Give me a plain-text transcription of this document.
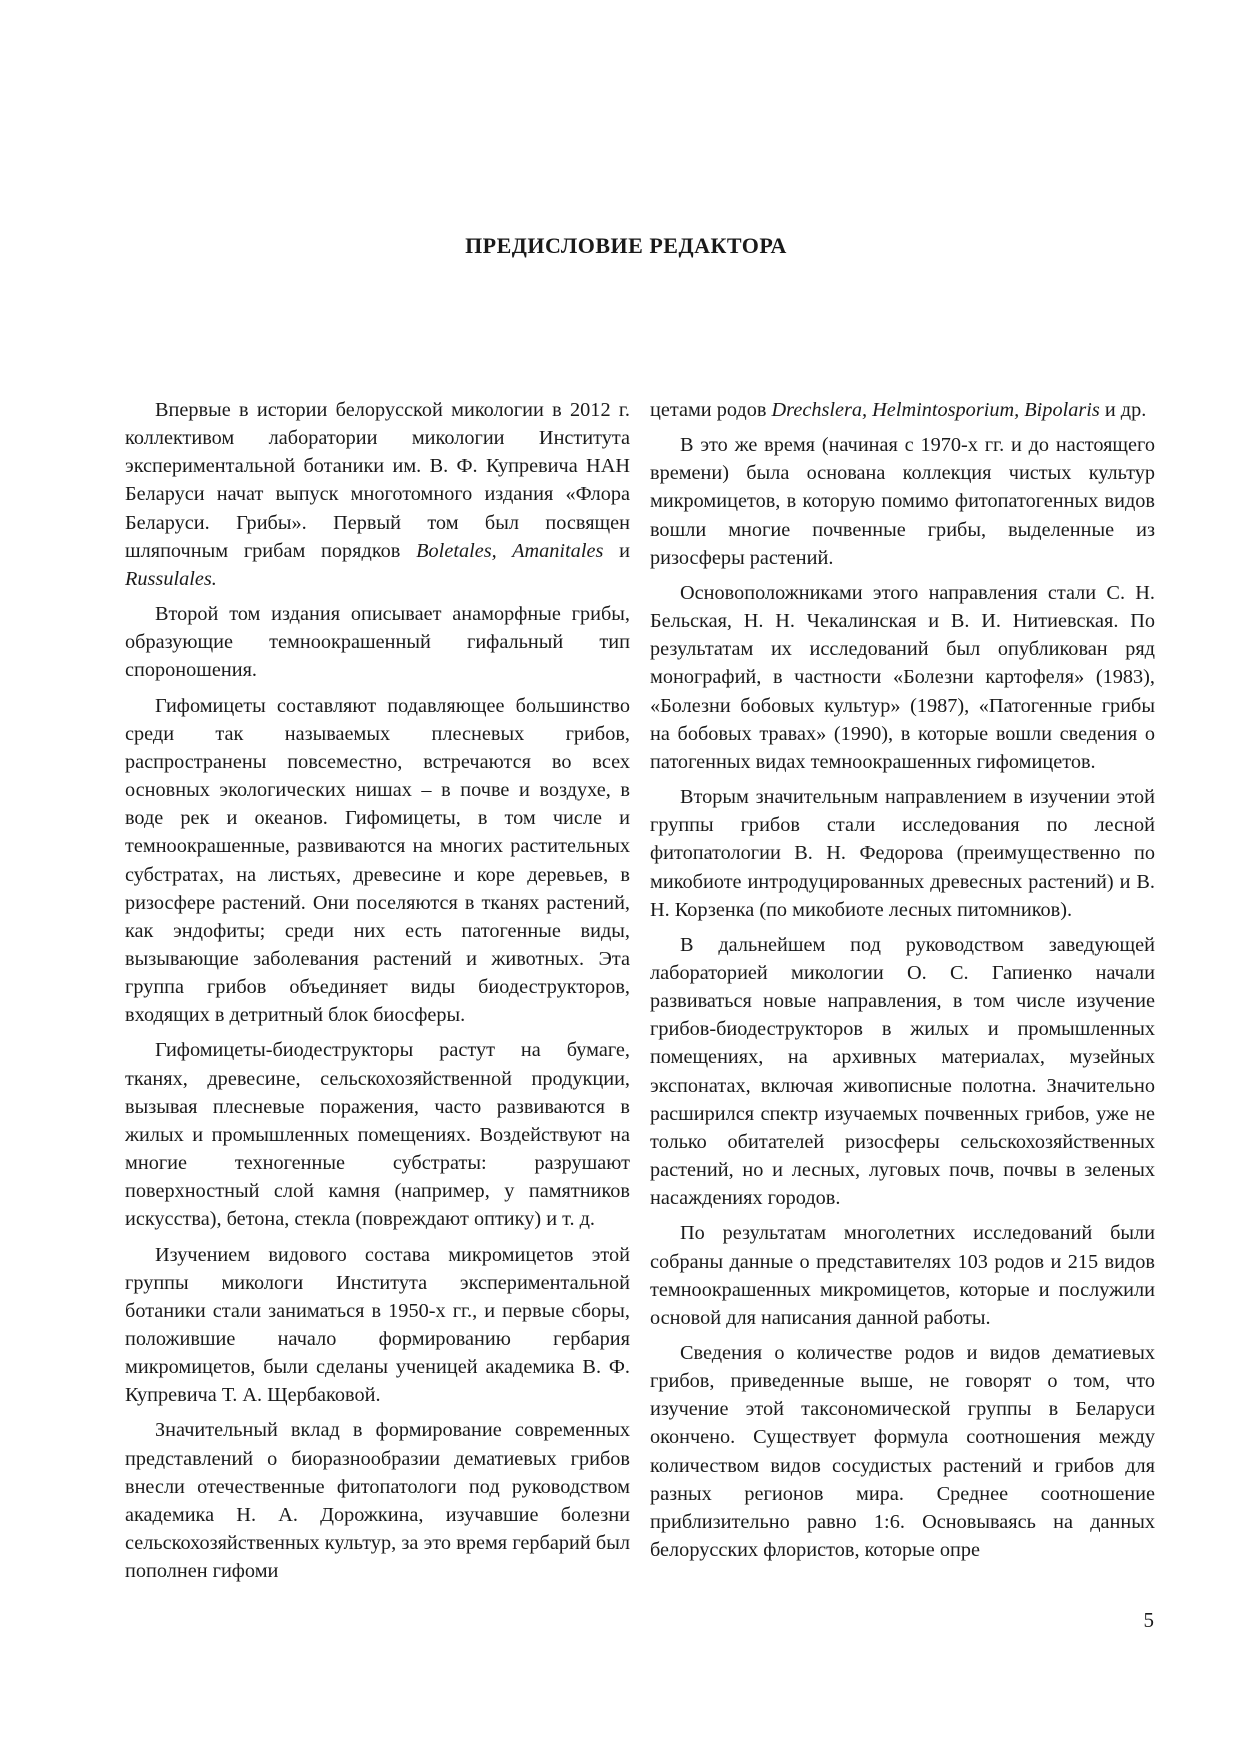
ПРЕДИСЛОВИЕ РЕДАКТОРА

Впервые в истории белорусской микологии в 2012 г. коллективом лаборатории микологии Института экспериментальной ботаники им. В. Ф. Купревича НАН Беларуси начат выпуск многотомного издания «Флора Беларуси. Грибы». Первый том был посвящен шляпочным грибам порядков Boletales, Amanitales и Russulales.

Второй том издания описывает анаморфные грибы, образующие темноокрашенный гифальный тип спороношения.

Гифомицеты составляют подавляющее большинство среди так называемых плесневых грибов, распространены повсеместно, встречаются во всех основных экологических нишах – в почве и воздухе, в воде рек и океанов. Гифомицеты, в том числе и темноокрашенные, развиваются на многих растительных субстратах, на листьях, древесине и коре деревьев, в ризосфере растений. Они поселяются в тканях растений, как эндофиты; среди них есть патогенные виды, вызывающие заболевания растений и животных. Эта группа грибов объединяет виды биодеструкторов, входящих в детритный блок биосферы.

Гифомицеты-биодеструкторы растут на бумаге, тканях, древесине, сельскохозяйственной продукции, вызывая плесневые поражения, часто развиваются в жилых и промышленных помещениях. Воздействуют на многие техногенные субстраты: разрушают поверхностный слой камня (например, у памятников искусства), бетона, стекла (повреждают оптику) и т. д.

Изучением видового состава микромицетов этой группы микологи Института экспериментальной ботаники стали заниматься в 1950-х гг., и первые сборы, положившие начало формированию гербария микромицетов, были сделаны ученицей академика В. Ф. Купревича Т. А. Щербаковой.

Значительный вклад в формирование современных представлений о биоразнообразии дематиевых грибов внесли отечественные фитопатологи под руководством академика Н. А. Дорожкина, изучавшие болезни сельскохозяйственных культур, за это время гербарий был пополнен гифоми

цетами родов Drechslera, Helmintosporium, Bipolaris и др.

В это же время (начиная с 1970-х гг. и до настоящего времени) была основана коллекция чистых культур микромицетов, в которую помимо фитопатогенных видов вошли многие почвенные грибы, выделенные из ризосферы растений.

Основоположниками этого направления стали С. Н. Бельская, Н. Н. Чекалинская и В. И. Нитиевская. По результатам их исследований был опубликован ряд монографий, в частности «Болезни картофеля» (1983), «Болезни бобовых культур» (1987), «Патогенные грибы на бобовых травах» (1990), в которые вошли сведения о патогенных видах темноокрашенных гифомицетов.

Вторым значительным направлением в изучении этой группы грибов стали исследования по лесной фитопатологии В. Н. Федорова (преимущественно по микобиоте интродуцированных древесных растений) и В. Н. Корзенка (по микобиоте лесных питомников).

В дальнейшем под руководством заведующей лабораторией микологии О. С. Гапиенко начали развиваться новые направления, в том числе изучение грибов-биодеструкторов в жилых и промышленных помещениях, на архивных материалах, музейных экспонатах, включая живописные полотна. Значительно расширился спектр изучаемых почвенных грибов, уже не только обитателей ризосферы сельскохозяйственных растений, но и лесных, луговых почв, почвы в зеленых насаждениях городов.

По результатам многолетних исследований были собраны данные о представителях 103 родов и 215 видов темноокрашенных микромицетов, которые и послужили основой для написания данной работы.

Сведения о количестве родов и видов дематиевых грибов, приведенные выше, не говорят о том, что изучение этой таксономической группы в Беларуси окончено. Существует формула соотношения между количеством видов сосудистых растений и грибов для разных регионов мира. Среднее соотношение приблизительно равно 1:6. Основываясь на данных белорусских флористов, которые опре

5
